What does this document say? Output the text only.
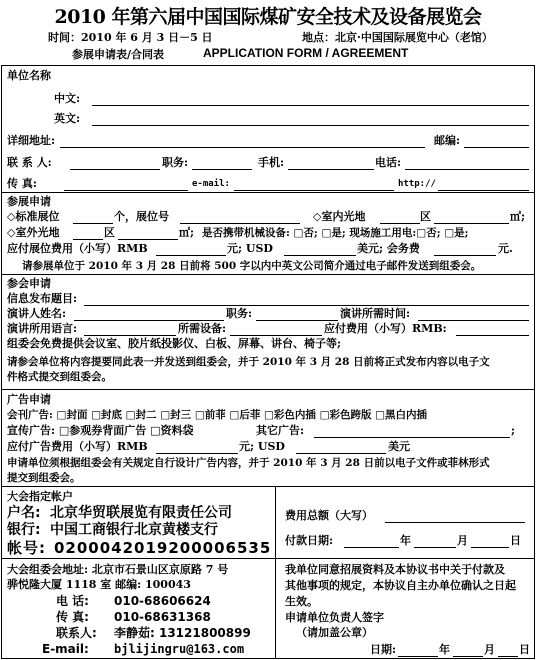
2010 年第六届中国国际煤矿安全技术及设备展览会
时间：2010 年 6 月 3 日－5 日	地点：北京·中国国际展览中心（老馆）
参展申请表/合同表	APPLICATION FORM / AGREEMENT
单位名称
中文:
英文:
详细地址:	邮编:
联 系 人:	职务:	手机:	电话:
传 真:	e-mail:	http://
参展申请
◇标准展位	个，展位号	◇室内光地	区	㎡;
◇室外光地	区	㎡; 是否携带机械设备: □否; □是; 现场施工用电:□否; □是;
应付展位费用（小写）RMB	元; USD	美元; 会务费	元.
请参展单位于 2010 年 3 月 28 日前将 500 字以内中英文公司简介通过电子邮件发送到组委会。
参会申请
信息发布题目:
演讲人姓名:	职务:	演讲所需时间:
演讲所用语言:	所需设备:	应付费用（小写）RMB:
组委会免费提供会议室、胶片纸投影仪、白板、屏幕、讲台、椅子等;
请参会单位将内容提要同此表一并发送到组委会，并于 2010 年 3 月 28 日前将正式发布内容以电子文
件格式提交到组委会。
广告申请
会刊广告: □封面 □封底 □封二 □封三 □前菲 □后菲 □彩色内插 □彩色跨版 □黑白内插
宣传广告: □参观券背面广告 □资料袋	其它广告:	;
应付广告费用（小写）RMB	元; USD	美元
申请单位须根据组委会有关规定自行设计广告内容，并于 2010 年 3 月 28 日前以电子文件或菲林形式
提交到组委会。
大会指定帐户
户名: 北京华贸联展览有限责任公司
银行: 中国工商银行北京黄楼支行
帐号: 0200042019200006535
费用总额（大写）
付款日期:	年	月	日
大会组委会地址: 北京市石景山区京原路 7 号
骅悦隆大厦 1118 室 邮编: 100043
电 话: 010-68606624
传 真: 010-68631368
联系人: 李静茹: 13121800899
E-mail: bjlijingru@163.com
我单位同意招展资料及本协议书中关于付款及
其他事项的规定，本协议自主办单位确认之日起
生效。
申请单位负责人签字
（请加盖公章）
日期:	年	月 日
